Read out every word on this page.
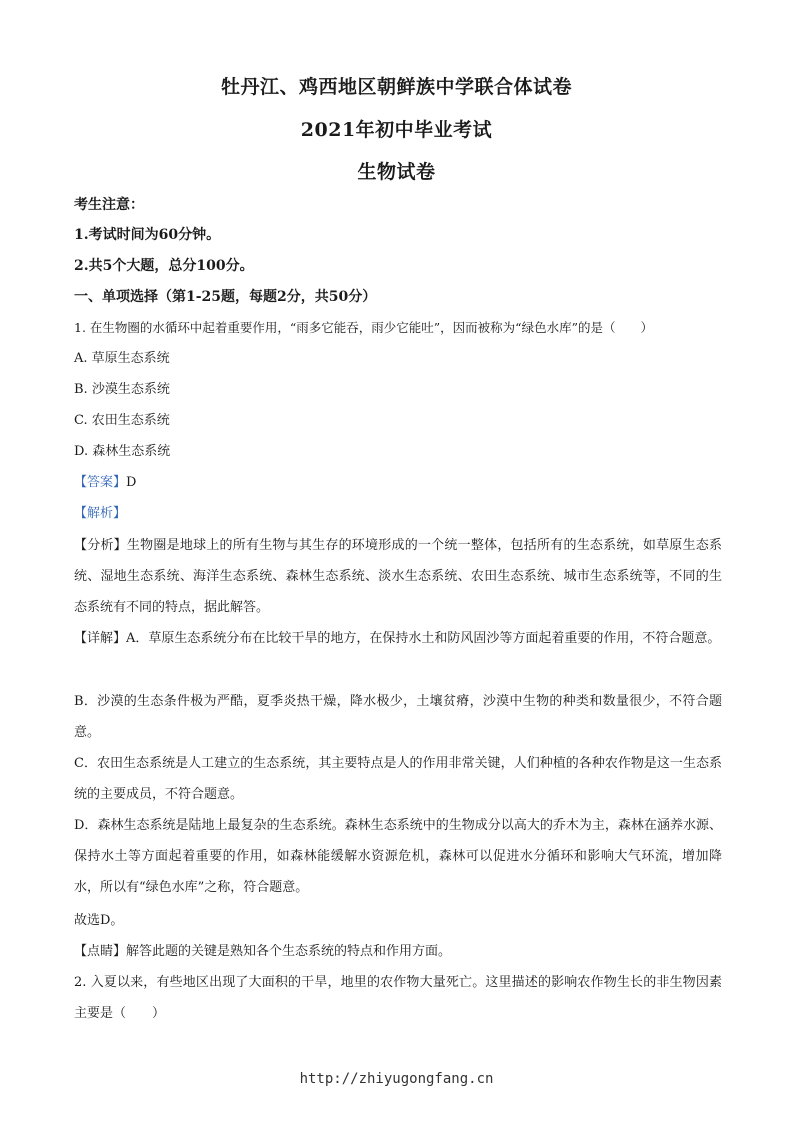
牡丹江、鸡西地区朝鲜族中学联合体试卷
2021年初中毕业考试
生物试卷
考生注意：
1.考试时间为60分钟。
2.共5个大题，总分100分。
一、单项选择（第1-25题，每题2分，共50分）
1. 在生物圈的水循环中起着重要作用，“雨多它能吞，雨少它能吐”，因而被称为“绿色水库”的是（　　）
A. 草原生态系统
B. 沙漠生态系统
C. 农田生态系统
D. 森林生态系统
【答案】D
【解析】
【分析】生物圈是地球上的所有生物与其生存的环境形成的一个统一整体，包括所有的生态系统，如草原生态系统、湿地生态系统、海洋生态系统、森林生态系统、淡水生态系统、农田生态系统、城市生态系统等，不同的生态系统有不同的特点，据此解答。
【详解】A．草原生态系统分布在比较干旱的地方，在保持水土和防风固沙等方面起着重要的作用，不符合题意。
B．沙漠的生态条件极为严酷，夏季炎热干燥，降水极少，土壤贫瘠，沙漠中生物的种类和数量很少，不符合题意。
C．农田生态系统是人工建立的生态系统，其主要特点是人的作用非常关键，人们种植的各种农作物是这一生态系统的主要成员，不符合题意。
D．森林生态系统是陆地上最复杂的生态系统。森林生态系统中的生物成分以高大的乔木为主，森林在涵养水源、保持水土等方面起着重要的作用，如森林能缓解水资源危机，森林可以促进水分循环和影响大气环流，增加降水，所以有“绿色水库”之称，符合题意。
故选D。
【点睛】解答此题的关键是熟知各个生态系统的特点和作用方面。
2. 入夏以来，有些地区出现了大面积的干旱，地里的农作物大量死亡。这里描述的影响农作物生长的非生物因素主要是（　　）
http://zhiyugongfang.cn
